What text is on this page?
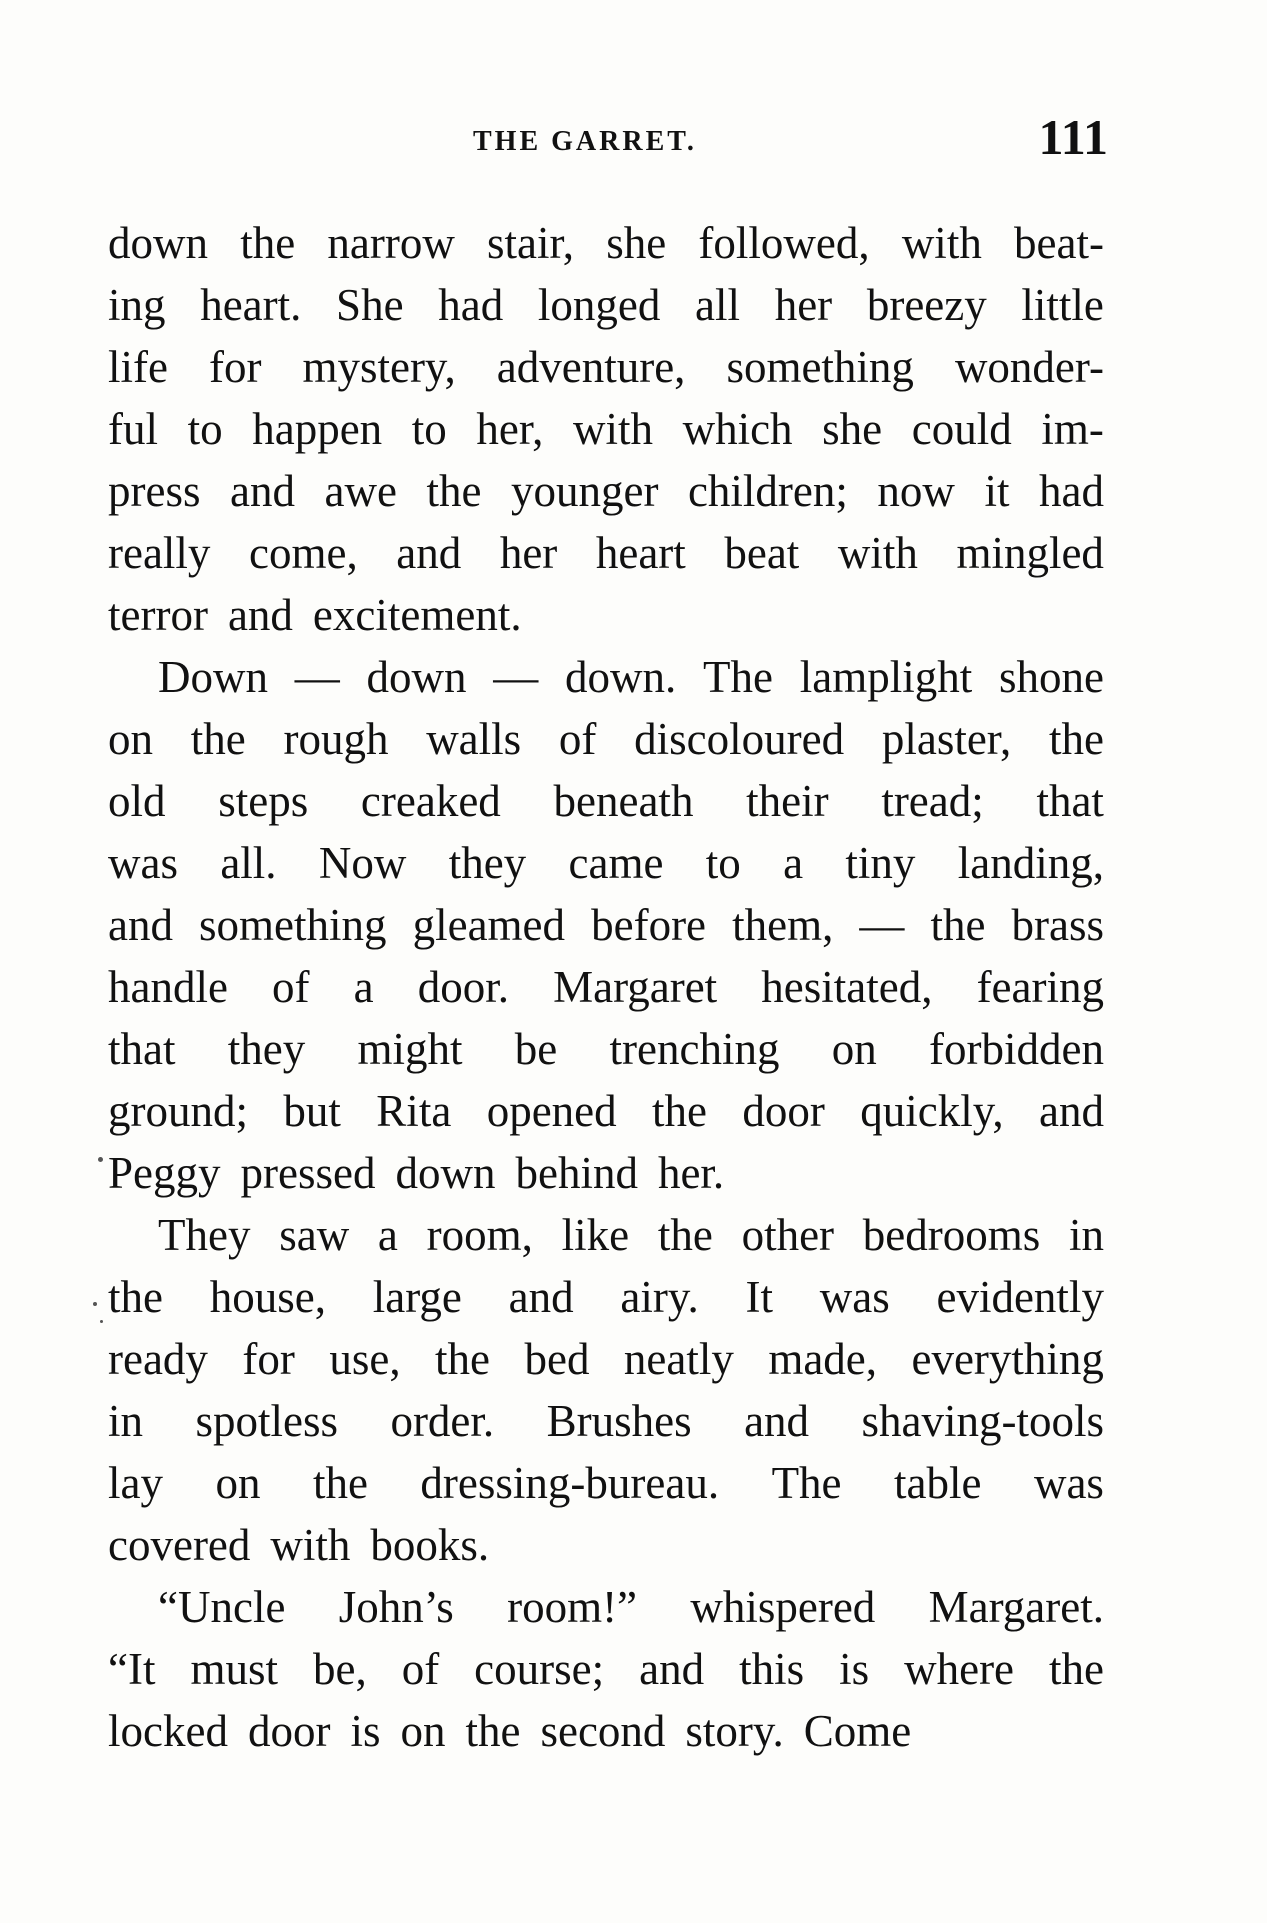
THE GARRET.	111
down the narrow stair, she followed, with beat-
ing heart. She had longed all her breezy little
life for mystery, adventure, something wonder-
ful to happen to her, with which she could im-
press and awe the younger children; now it had
really come, and her heart beat with mingled
terror and excitement.
Down — down — down. The lamplight shone
on the rough walls of discoloured plaster, the
old steps creaked beneath their tread; that
was all. Now they came to a tiny landing,
and something gleamed before them, — the brass
handle of a door. Margaret hesitated, fearing
that they might be trenching on forbidden
ground; but Rita opened the door quickly, and
Peggy pressed down behind her.
They saw a room, like the other bedrooms in
the house, large and airy. It was evidently
ready for use, the bed neatly made, everything
in spotless order. Brushes and shaving-tools
lay on the dressing-bureau. The table was
covered with books.
“Uncle John’s room!” whispered Margaret.
“It must be, of course; and this is where the
locked door is on the second story. Come
